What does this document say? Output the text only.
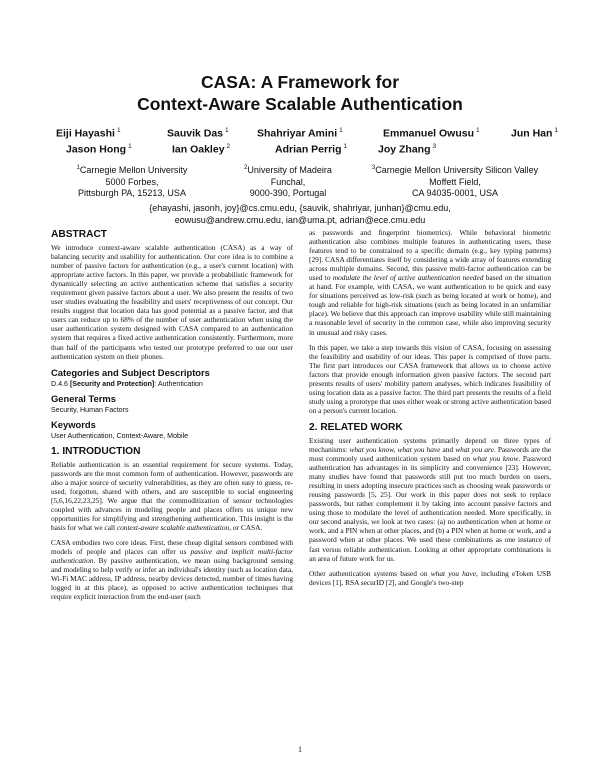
CASA: A Framework for
Context-Aware Scalable Authentication
Eiji Hayashi $^1$	Sauvik Das $^1$	Shahriyar Amini $^1$	Emmanuel Owusu $^1$	Jun Han $^1$
Jason Hong $^1$	Ian Oakley $^2$	Adrian Perrig $^1$	Joy Zhang $^3$
$^1$Carnegie Mellon University
5000 Forbes,
Pittsburgh PA, 15213, USA
$^2$University of Madeira
Funchal,
9000-390, Portugal
$^3$Carnegie Mellon University Silicon Valley
Moffett Field,
CA 94035-0001, USA
{ehayashi, jasonh, joy}@cs.cmu.edu, {sauvik, shahriyar, junhan}@cmu.edu,
eowusu@andrew.cmu.edu, ian@uma.pt, adrian@ece.cmu.edu
ABSTRACT

We introduce context-aware scalable authentication (CASA) as a way of balancing security and usability for authentication. Our core idea is to combine a number of passive factors for authentication (e.g., a user's current location) with appropriate active factors. In this paper, we provide a probabilistic framework for dynamically selecting an active authentication scheme that satisfies a security requirement given passive factors about a user. We also present the results of two user studies evaluating the feasibility and users' receptiveness of our concept. Our results suggest that location data has good potential as a passive factor, and that users can reduce up to 68% of the number of user authentication when using the user authentication system designed with CASA compared to an authentication system that requires a fixed active authentication consistently. Furthermore, more than half of the participants who tested our prototype preferred to use our user authentication system on their phones.

Categories and Subject Descriptors
D.4.6 [Security and Protection]: Authentication
General Terms
Security, Human Factors
Keywords
User Authentication, Context-Aware, Mobile
1. INTRODUCTION

Reliable authentication is an essential requirement for secure systems. Today, passwords are the most common form of authentication. However, passwords are also a major source of security vulnerabilities, as they are often easy to guess, re-used, forgotten, shared with others, and are susceptible to social engineering [5,6,16,22,23,25]. We argue that the commoditization of sensor technologies coupled with advances in modeling people and places offers us unique new opportunities for simplifying and strengthening authentication. This insight is the basis for what we call context-aware scalable authentication, or CASA.

CASA embodies two core ideas. First, these cheap digital sensors combined with models of people and places can offer us passive and implicit multi-factor authentication. By passive authentication, we mean using background sensing and modeling to help verify or infer an individual's identity (such as location data, Wi-Fi MAC address, IP address, nearby devices detected, number of times having logged in at this place), as opposed to active authentication techniques that require explicit interaction from the end-user (such

as passwords and fingerprint biometrics). While behavioral biometric authentication also combines multiple features in authenticating users, these features tend to be constrained to a specific domain (e.g., key typing patterns) [29]. CASA differentiates itself by considering a wide array of features extending across multiple domains. Second, this passive multi-factor authentication can be used to modulate the level of active authentication needed based on the situation at hand. For example, with CASA, we want authentication to be quick and easy for situations perceived as low-risk (such as being located at work or home), and tough and reliable for high-risk situations (such as being located in an unfamiliar place). We believe that this approach can improve usability while still maintaining a reasonable level of security in the common case, while also improving security in unusual and risky cases.

In this paper, we take a step towards this vision of CASA, focusing on assessing the feasibility and usability of our ideas. This paper is comprised of three parts. The first part introduces our CASA framework that allows us to choose active factors that provide enough information given passive factors. The second part presents results of users' mobility pattern analyses, which indicates feasibility of using location data as a passive factor. The third part presents the results of a field study using a prototype that uses either weak or strong active authentication based on a person's current location.

2. RELATED WORK

Existing user authentication systems primarily depend on three types of mechanisms: what you know, what you have and what you are. Passwords are the most commonly used authentication system based on what you know. Password authentication has advantages in its simplicity and convenience [23]. However, many studies have found that passwords still put too much burden on users, resulting in users adopting insecure practices such as choosing weak passwords or reusing passwords [5, 25]. Our work in this paper does not seek to replace passwords, but rather complement it by taking into account passive factors and using those to modulate the level of authentication needed. More specifically, in our second analysis, we look at two cases: (a) no authentication when at home or work, and a PIN when at other places, and (b) a PIN when at home or work, and a password when at other places. We used these combinations as one instance of fast versus reliable authentication. Looking at other appropriate combinations is an area of future work for us.

Other authentication systems based on what you have, including eToken USB devices [1], RSA securID [2], and Google's two-step

1
